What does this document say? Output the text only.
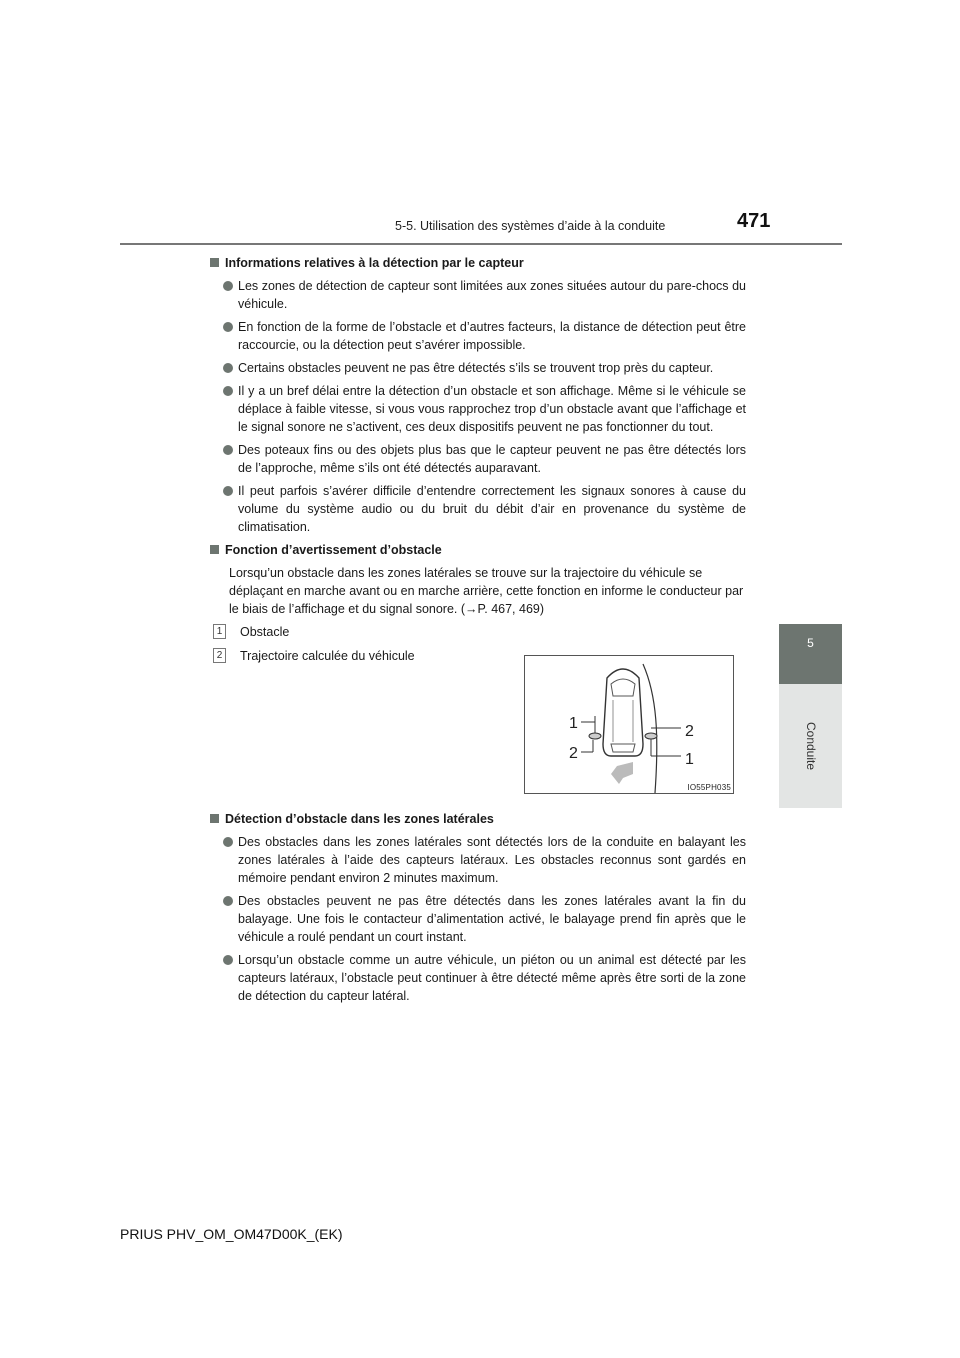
5-5. Utilisation des systèmes d’aide à la conduite	471
5
Conduite
Informations relatives à la détection par le capteur
Les zones de détection de capteur sont limitées aux zones situées autour du pare-chocs du véhicule.
En fonction de la forme de l’obstacle et d’autres facteurs, la distance de détection peut être raccourcie, ou la détection peut s’avérer impossible.
Certains obstacles peuvent ne pas être détectés s’ils se trouvent trop près du capteur.
Il y a un bref délai entre la détection d’un obstacle et son affichage. Même si le véhicule se déplace à faible vitesse, si vous vous rapprochez trop d’un obstacle avant que l’affichage et le signal sonore ne s’activent, ces deux dispositifs peuvent ne pas fonctionner du tout.
Des poteaux fins ou des objets plus bas que le capteur peuvent ne pas être détectés lors de l’approche, même s’ils ont été détectés auparavant.
Il peut parfois s’avérer difficile d’entendre correctement les signaux sonores à cause du volume du système audio ou du bruit du débit d’air en provenance du système de climatisation.
Fonction d’avertissement d’obstacle
Lorsqu’un obstacle dans les zones latérales se trouve sur la trajectoire du véhicule se déplaçant en marche avant ou en marche arrière, cette fonction en informe le conducteur par le biais de l’affichage et du signal sonore. (→P. 467, 469)
1 Obstacle
2 Trajectoire calculée du véhicule
1	2
2	1
IO55PH035
Détection d’obstacle dans les zones latérales
Des obstacles dans les zones latérales sont détectés lors de la conduite en balayant les zones latérales à l’aide des capteurs latéraux. Les obstacles reconnus sont gardés en mémoire pendant environ 2 minutes maximum.
Des obstacles peuvent ne pas être détectés dans les zones latérales avant la fin du balayage. Une fois le contacteur d’alimentation activé, le balayage prend fin après que le véhicule a roulé pendant un court instant.
Lorsqu’un obstacle comme un autre véhicule, un piéton ou un animal est détecté par les capteurs latéraux, l’obstacle peut continuer à être détecté même après être sorti de la zone de détection du capteur latéral.
PRIUS PHV_OM_OM47D00K_(EK)
